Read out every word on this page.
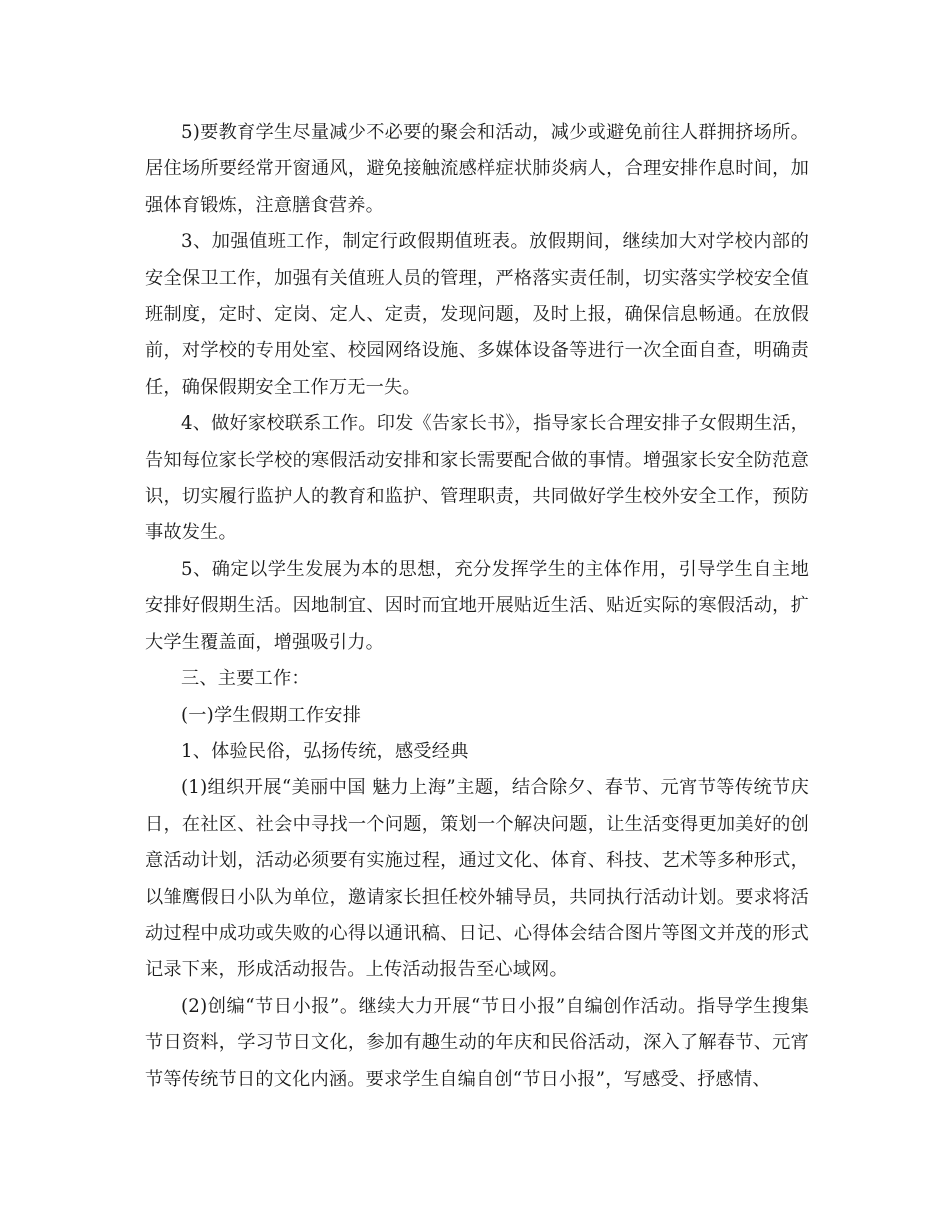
5)要教育学生尽量减少不必要的聚会和活动，减少或避免前往人群拥挤场所。居住场所要经常开窗通风，避免接触流感样症状肺炎病人，合理安排作息时间，加强体育锻炼，注意膳食营养。

3、加强值班工作，制定行政假期值班表。放假期间，继续加大对学校内部的安全保卫工作，加强有关值班人员的管理，严格落实责任制，切实落实学校安全值班制度，定时、定岗、定人、定责，发现问题，及时上报，确保信息畅通。在放假前，对学校的专用处室、校园网络设施、多媒体设备等进行一次全面自查，明确责任，确保假期安全工作万无一失。

4、做好家校联系工作。印发《告家长书》，指导家长合理安排子女假期生活，告知每位家长学校的寒假活动安排和家长需要配合做的事情。增强家长安全防范意识，切实履行监护人的教育和监护、管理职责，共同做好学生校外安全工作，预防事故发生。

5、确定以学生发展为本的思想，充分发挥学生的主体作用，引导学生自主地安排好假期生活。因地制宜、因时而宜地开展贴近生活、贴近实际的寒假活动，扩大学生覆盖面，增强吸引力。

三、主要工作：

(一)学生假期工作安排

1、体验民俗，弘扬传统，感受经典

(1)组织开展“美丽中国 魅力上海”主题，结合除夕、春节、元宵节等传统节庆日，在社区、社会中寻找一个问题，策划一个解决问题，让生活变得更加美好的创意活动计划，活动必须要有实施过程，通过文化、体育、科技、艺术等多种形式，以雏鹰假日小队为单位，邀请家长担任校外辅导员，共同执行活动计划。要求将活动过程中成功或失败的心得以通讯稿、日记、心得体会结合图片等图文并茂的形式记录下来，形成活动报告。上传活动报告至心域网。

(2)创编“节日小报”。继续大力开展“节日小报”自编创作活动。指导学生搜集节日资料，学习节日文化，参加有趣生动的年庆和民俗活动，深入了解春节、元宵节等传统节日的文化内涵。要求学生自编自创“节日小报”，写感受、抒感情、
